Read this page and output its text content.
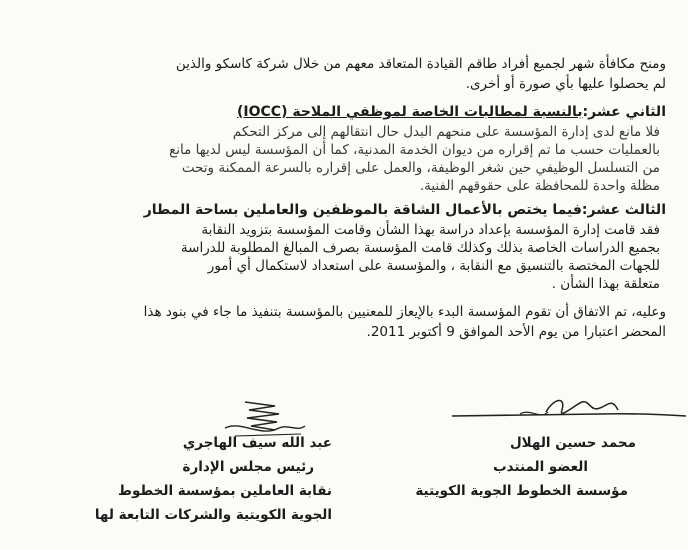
ومنح مكافأة شهر لجميع أفراد طاقم القيادة المتعاقد معهم من خلال شركة كاسكو والذين
لم يحصلوا عليها بأي صورة أو أخرى.
الثاني عشر:بالنسبة لمطالبات الخاصة لموظفي الملاحة (IOCC)
فلا مانع لدى إدارة المؤسسة على منحهم البدل حال انتقالهم إلى مركز التحكم
بالعمليات حسب ما تم إقراره من ديوان الخدمة المدنية، كما أن المؤسسة ليس لديها مانع
من التسلسل الوظيفي حين شغر الوظيفة، والعمل على إقراره بالسرعة الممكنة وتحت
مظلة واحدة للمحافظة على حقوقهم الفنية.
الثالث عشر:فيما يختص بالأعمال الشاقة بالموظفين والعاملين بساحة المطار
فقد قامت إدارة المؤسسة بإعداد دراسة بهذا الشأن وقامت المؤسسة بتزويد النقابة
بجميع الدراسات الخاصة بذلك وكذلك قامت المؤسسة بصرف المبالغ المطلوبة للدراسة
للجهات المختصة بالتنسيق مع النقابة ، والمؤسسة على استعداد لاستكمال أي أمور
متعلقة بهذا الشأن .
وعليه، تم الاتفاق أن تقوم المؤسسة البدء بالإيعاز للمعنيين بالمؤسسة بتنفيذ ما جاء في بنود هذا
المحضر اعتبارا من يوم الأحد الموافق 9 أكتوبر 2011.
محمد حسين الهلال
العضو المنتدب
مؤسسة الخطوط الجوية الكويتية
عبد الله سيف الهاجري
رئيس مجلس الإدارة
نقابة العاملين بمؤسسة الخطوط
الجوية الكويتية والشركات التابعة لها
